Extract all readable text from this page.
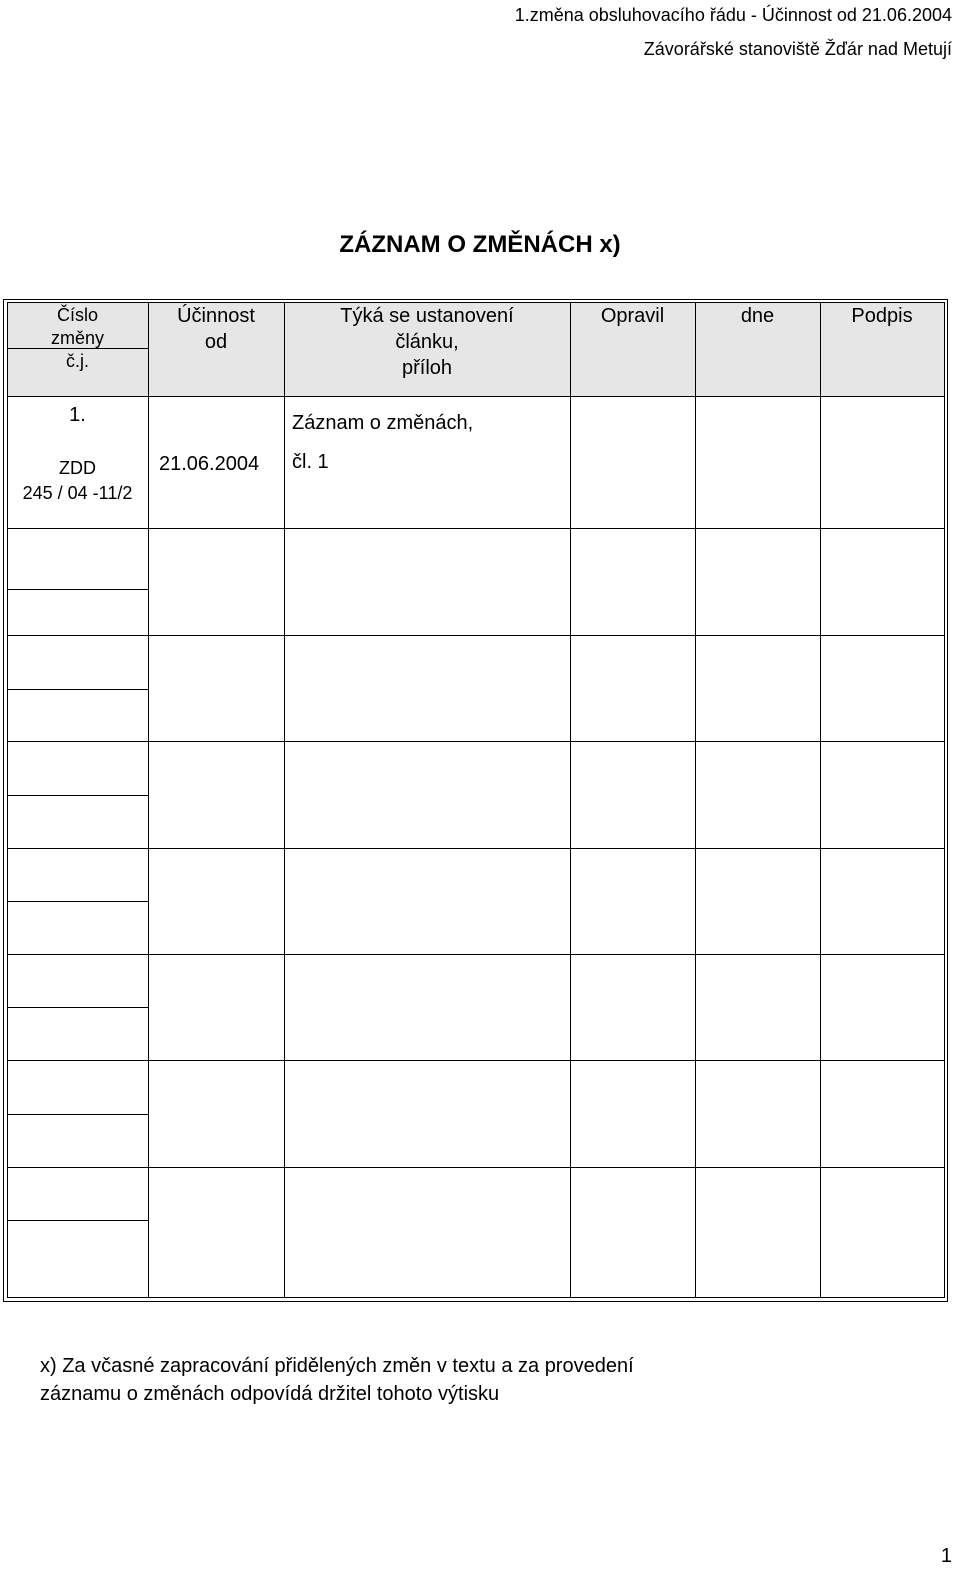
1.změna obsluhovacího řádu - Účinnost od 21.06.2004
Závorářské stanoviště Žďár nad Metují
ZÁZNAM O ZMĚNÁCH x)
Číslo
změny
č.j.
Účinnost
od
Týká se ustanovení
článku,
příloh
Opravil	dne	Podpis
1.
ZDD
245 / 04 -11/2
21.06.2004
Záznam o změnách,
čl. 1
x) Za včasné zapracování přidělených změn v textu a za provedení
záznamu o změnách odpovídá držitel tohoto výtisku
1
